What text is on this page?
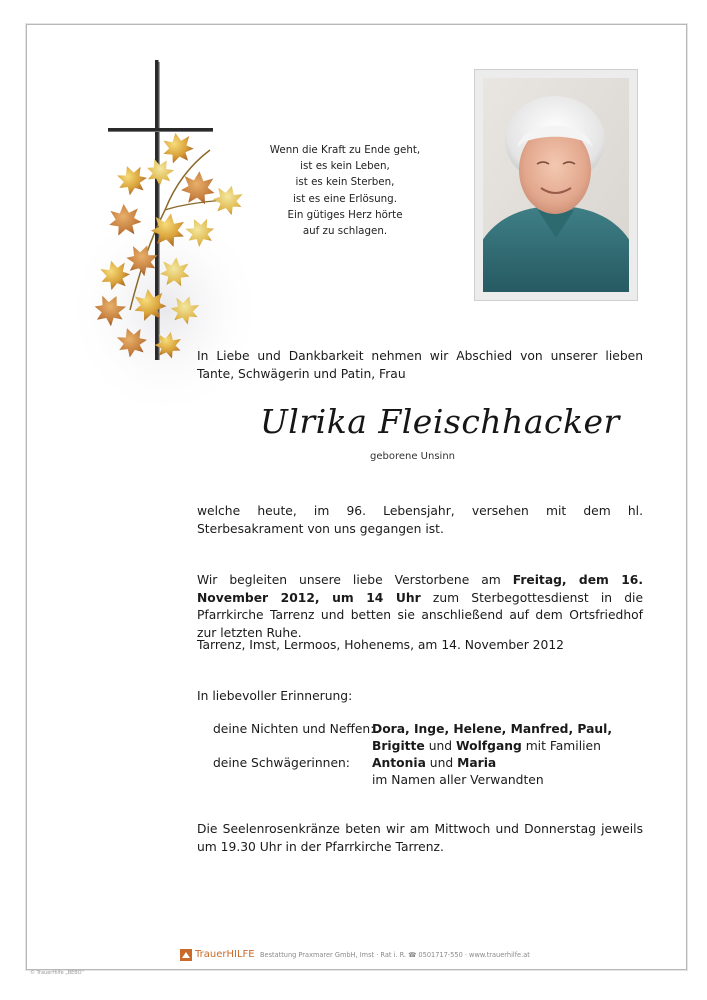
Wenn die Kraft zu Ende geht,
ist es kein Leben,
ist es kein Sterben,
ist es eine Erlösung.
Ein gütiges Herz hörte
auf zu schlagen.
In Liebe und Dankbarkeit nehmen wir Abschied von unserer lieben Tante, Schwägerin und Patin, Frau
Ulrika Fleischhacker
geborene Unsinn
welche heute, im 96. Lebensjahr, versehen mit dem hl. Sterbesakrament von uns gegangen ist.
Wir begleiten unsere liebe Verstorbene am Freitag, dem 16. November 2012, um 14 Uhr zum Sterbegottesdienst in die Pfarrkirche Tarrenz und betten sie anschließend auf dem Ortsfriedhof zur letzten Ruhe.
Tarrenz, Imst, Lermoos, Hohenems, am 14. November 2012
In liebevoller Erinnerung:
deine Nichten und Neffen:
Dora, Inge, Helene, Manfred, Paul,
Brigitte und Wolfgang mit Familien
deine Schwägerinnen: Antonia und Maria
im Namen aller Verwandten
Die Seelenrosenkränze beten wir am Mittwoch und Donnerstag jeweils um 19.30 Uhr in der Pfarrkirche Tarrenz.
TrauerHILFE Bestattung Praxmarer GmbH, Imst · Rat i. R. ☎ 0501717-550 · www.trauerhilfe.at
© TrauerHilfe „BEBO“
